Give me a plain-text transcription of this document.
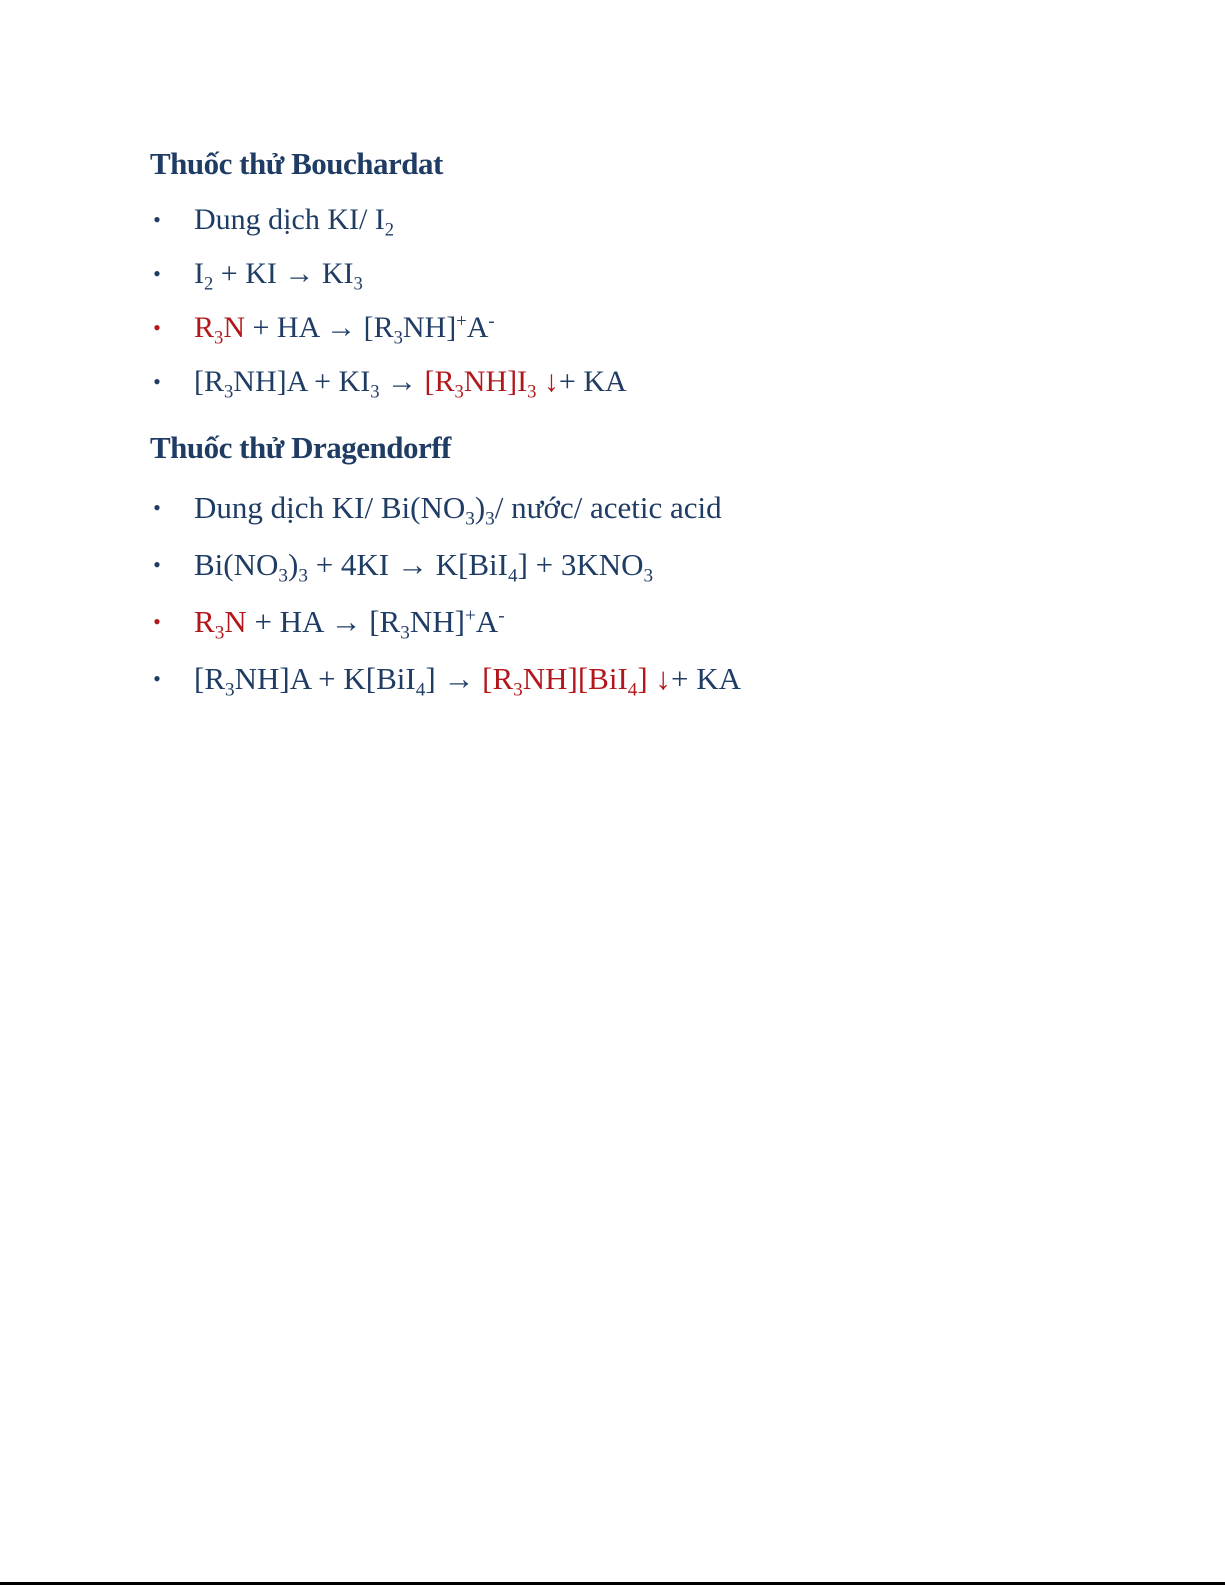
Thuốc thử Bouchardat
• Dung dịch KI/ $I_2$
• $I_2$ + KI → $KI_3$
• $R_3N$ + HA → $[R_3NH]^+A^-$
• $[R_3NH]A + KI_3 \to [R_3NH]I_3$ ↓+ KA
Thuốc thử Dragendorff
• Dung dịch KI/ $Bi(NO_3)_3/$ nước/ acetic acid
• $Bi(NO_3)_3 + 4KI \to K[BiI_4] + 3KNO_3$
• $R_3N$ + HA → $[R_3NH]^+A^-$
• $[R_3NH]A + K[BiI_4] \to [R_3NH][BiI_4]$ ↓+ KA
